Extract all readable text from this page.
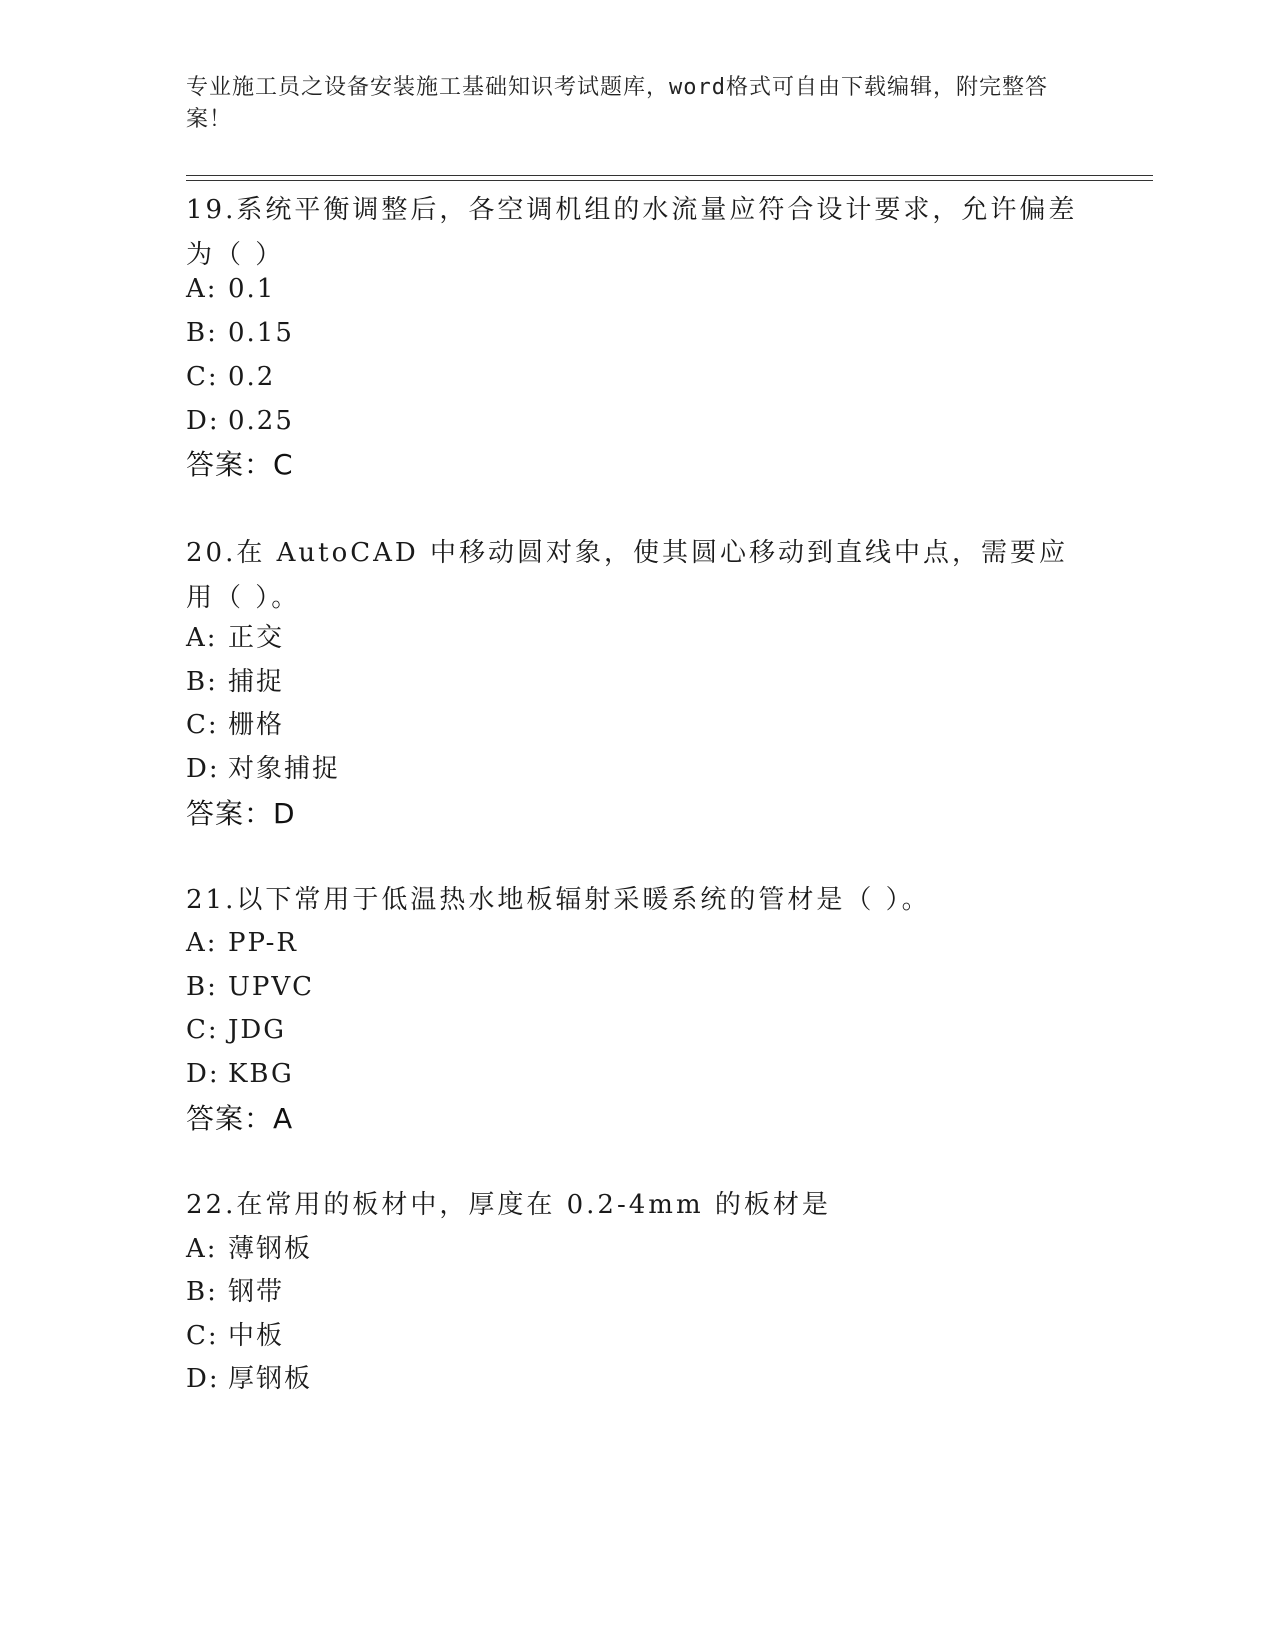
专业施工员之设备安装施工基础知识考试题库，word格式可自由下载编辑，附完整答案！
19.系统平衡调整后，各空调机组的水流量应符合设计要求，允许偏差为（ ）
A: 0.1
B: 0.15
C: 0.2
D: 0.25
答案：C
20.在 AutoCAD 中移动圆对象，使其圆心移动到直线中点，需要应用（ ）。
A: 正交
B: 捕捉
C: 栅格
D: 对象捕捉
答案：D
21.以下常用于低温热水地板辐射采暖系统的管材是（ ）。
A: PP-R
B: UPVC
C: JDG
D: KBG
答案：A
22.在常用的板材中，厚度在 0.2-4mm 的板材是
A: 薄钢板
B: 钢带
C: 中板
D: 厚钢板
